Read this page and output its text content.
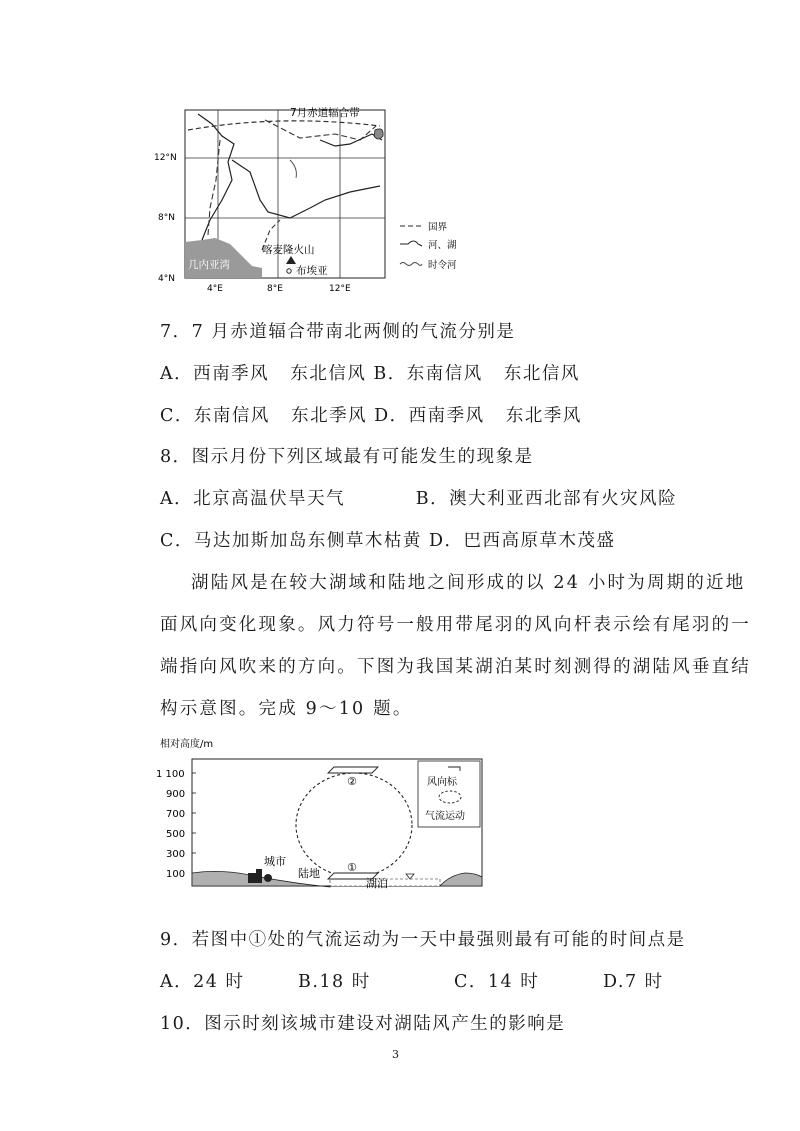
7月赤道辐合带
12°N
8°N
4°N
4°E	8°E	12°E
几内亚湾
喀麦隆火山
布埃亚
国界
河、湖
时令河
7．7 月赤道辐合带南北两侧的气流分别是
A．西南季风   东北信风 B．东南信风   东北信风
C．东南信风   东北季风 D．西南季风   东北季风
8．图示月份下列区域最有可能发生的现象是
A．北京高温伏旱天气          B．澳大利亚西北部有火灾风险
C．马达加斯加岛东侧草木枯黄 D．巴西高原草木茂盛
湖陆风是在较大湖域和陆地之间形成的以 24 小时为周期的近地
面风向变化现象。风力符号一般用带尾羽的风向杆表示绘有尾羽的一
端指向风吹来的方向。下图为我国某湖泊某时刻测得的湖陆风垂直结
构示意图。完成 9～10 题。
相对高度/m
1 100
900
700
500
300
100
②
①
城市
陆地
湖泊
风向标
气流运动
9．若图中①处的气流运动为一天中最强则最有可能的时间点是
A．24 时	B.18 时	C．14 时	D.7 时
10．图示时刻该城市建设对湖陆风产生的影响是
3
